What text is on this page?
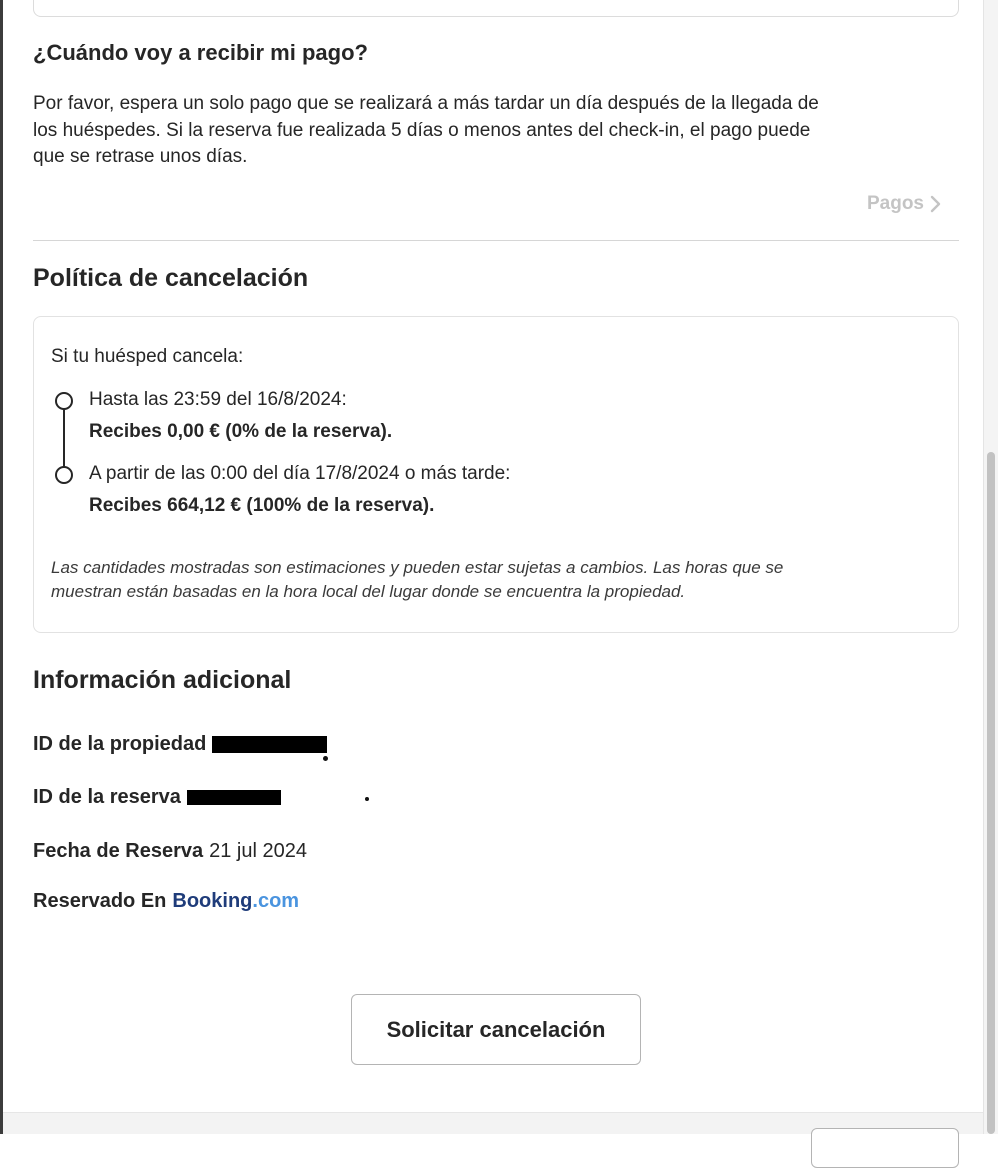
¿Cuándo voy a recibir mi pago?
Por favor, espera un solo pago que se realizará a más tardar un día después de la llegada de
los huéspedes. Si la reserva fue realizada 5 días o menos antes del check-in, el pago puede
que se retrase unos días.
Pagos
Política de cancelación
Si tu huésped cancela:
Hasta las 23:59 del 16/8/2024:
Recibes 0,00 € (0% de la reserva).
A partir de las 0:00 del día 17/8/2024 o más tarde:
Recibes 664,12 € (100% de la reserva).
Las cantidades mostradas son estimaciones y pueden estar sujetas a cambios. Las horas que se
muestran están basadas en la hora local del lugar donde se encuentra la propiedad.
Información adicional
ID de la propiedad
ID de la reserva
Fecha de Reserva 21 jul 2024
Reservado En Booking.com
Solicitar cancelación
